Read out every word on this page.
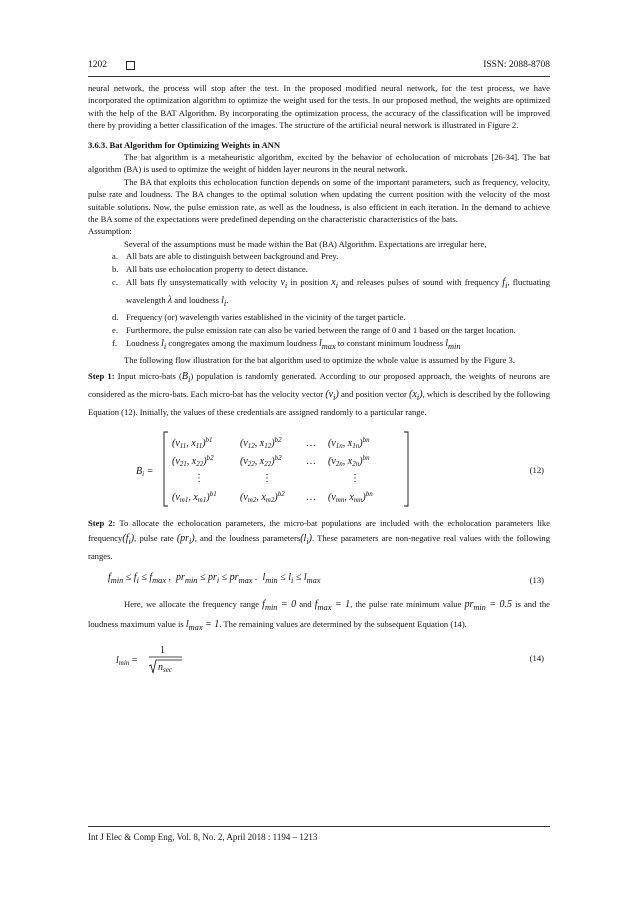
1202	ISSN: 2088-8708

neural network, the process will stop after the test. In the proposed modified neural network, for the test process, we have incorporated the optimization algorithm to optimize the weight used for the tests. In our proposed method, the weights are optimized with the help of the BAT Algorithm. By incorporating the optimization process, the accuracy of the classification will be improved there by providing a better classification of the images. The structure of the artificial neural network is illustrated in Figure 2.

3.6.3. Bat Algorithm for Optimizing Weights in ANN

The bat algorithm is a metaheuristic algorithm, excited by the behavior of echolocation of microbats [26-34]. The bat algorithm (BA) is used to optimize the weight of hidden layer neurons in the neural network.

The BA that exploits this echolocation function depends on some of the important parameters, such as frequency, velocity, pulse rate and loudness. The BA changes to the optimal solution when updating the current position with the velocity of the most suitable solutions. Now, the pulse emission rate, as well as the loudness, is also efficient in each iteration. In the demand to achieve the BA some of the expectations were predefined depending on the characteristic characteristics of the bats.

Assumption:

Several of the assumptions must be made within the Bat (BA) Algorithm. Expectations are irregular here,

a. All bats are able to distinguish between background and Prey.
b. All bats use echolocation property to detect distance.
c. All bats fly unsystematically with velocity $v_i$ in position $x_i$ and releases pulses of sound with frequency $f_i$, fluctuating wavelength λ and loudness $l_i$.
d. Frequency (or) wavelength varies established in the vicinity of the target particle.
e. Furthermore, the pulse emission rate can also be varied between the range of 0 and 1 based on the target location.
f. Loudness $l_i$ congregates among the maximum loudness $l_{max}$ to constant minimum loudness $l_{min}$

The following flow illustration for the bat algorithm used to optimize the whole value is assumed by the Figure 3.

Step 1: Input micro-bats $(B_i)$ population is randomly generated. According to our proposed approach, the weights of neurons are considered as the micro-bats. Each micro-bat has the velocity vector $(v_i)$ and position vector $(x_i)$, which is described by the following Equation (12). Initially, the values of these credentials are assigned randomly to a particular range.

$B_i$ =
($v_{11}$, $x_{11})^{b1}$	($v_{12}$, $x_{12})^{b2}$ … ($v_{1n}$, $x_{1n})^{bn}$
($v_{21}$, $x_{22})^{b2}$	($v_{22}$, $x_{22})^{b2}$ … ($v_{2n}$, $x_{2n})^{bn}$
⋮	⋮	⋮
($v_{m1}$, $x_{m1})^{b1}$ ($v_{m2}$, $x_{m2})^{b2}$ … ($v_{mn}$, $x_{mn})^{bn}$
(12)

Step 2: To allocate the echolocation parameters, the micro-bat populations are included with the echolocation parameters like $frequency(f_i)$, pulse rate $(pr_i)$, and the loudness $parameters(l_i)$. These parameters are non-negative real values with the following ranges.

$f_{min} \le f_i \le f_{max}$ ,  $pr_{min} \le pr_i \le pr_{max}$ .  $l_{min} \le l_i \le l_{max}$	(13)

Here, we allocate the frequency range $f_{min} = 0$ and $f_{max} = 1$, the pulse rate minimum value $pr_{min} = 0.5$ is and the loudness maximum value is $l_{max} = 1$. The remaining values are determined by the subsequent Equation (14).

$l_{min}$ =
1
$n_{sec}$
(14)
Int J Elec & Comp Eng, Vol. 8, No. 2, April 2018 : 1194 – 1213
